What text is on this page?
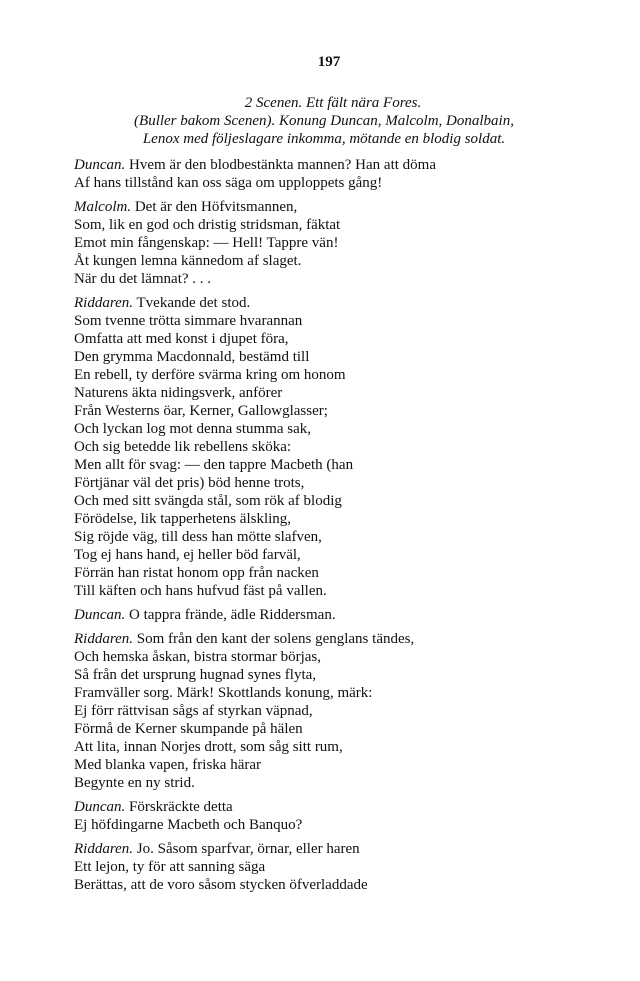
197
2 Scenen. Ett fält nära Fores.
(Buller bakom Scenen). Konung Duncan, Malcolm, Donalbain,
Lenox med följeslagare inkomma, mötande en blodig soldat.
Duncan. Hvem är den blodbestänkta mannen? Han att döma
Af hans tillstånd kan oss säga om upploppets gång!
Malcolm. Det är den Höfvitsmannen,
Som, lik en god och dristig stridsman, fäktat
Emot min fångenskap: — Hell! Tappre vän!
Åt kungen lemna kännedom af slaget.
När du det lämnat? . . .
Riddaren. Tvekande det stod.
Som tvenne trötta simmare hvarannan
Omfatta att med konst i djupet föra,
Den grymma Macdonnald, bestämd till
En rebell, ty derföre svärma kring om honom
Naturens äkta nidingsverk, anförer
Från Westerns öar, Kerner, Gallowglasser;
Och lyckan log mot denna stumma sak,
Och sig betedde lik rebellens sköka:
Men allt för svag: — den tappre Macbeth (han
Förtjänar väl det pris) böd henne trots,
Och med sitt svängda stål, som rök af blodig
Förödelse, lik tapperhetens älskling,
Sig röjde väg, till dess han mötte slafven,
Tog ej hans hand, ej heller böd farväl,
Förrän han ristat honom opp från nacken
Till käften och hans hufvud fäst på vallen.
Duncan. O tappra frände, ädle Riddersman.
Riddaren. Som från den kant der solens genglans tändes,
Och hemska åskan, bistra stormar börjas,
Så från det ursprung hugnad synes flyta,
Framväller sorg. Märk! Skottlands konung, märk:
Ej förr rättvisan sågs af styrkan väpnad,
Förmå de Kerner skumpande på hälen
Att lita, innan Norjes drott, som såg sitt rum,
Med blanka vapen, friska härar
Begynte en ny strid.
Duncan. Förskräckte detta
Ej höfdingarne Macbeth och Banquo?
Riddaren. Jo. Såsom sparfvar, örnar, eller haren
Ett lejon, ty för att sanning säga
Berättas, att de voro såsom stycken öfverladdade
